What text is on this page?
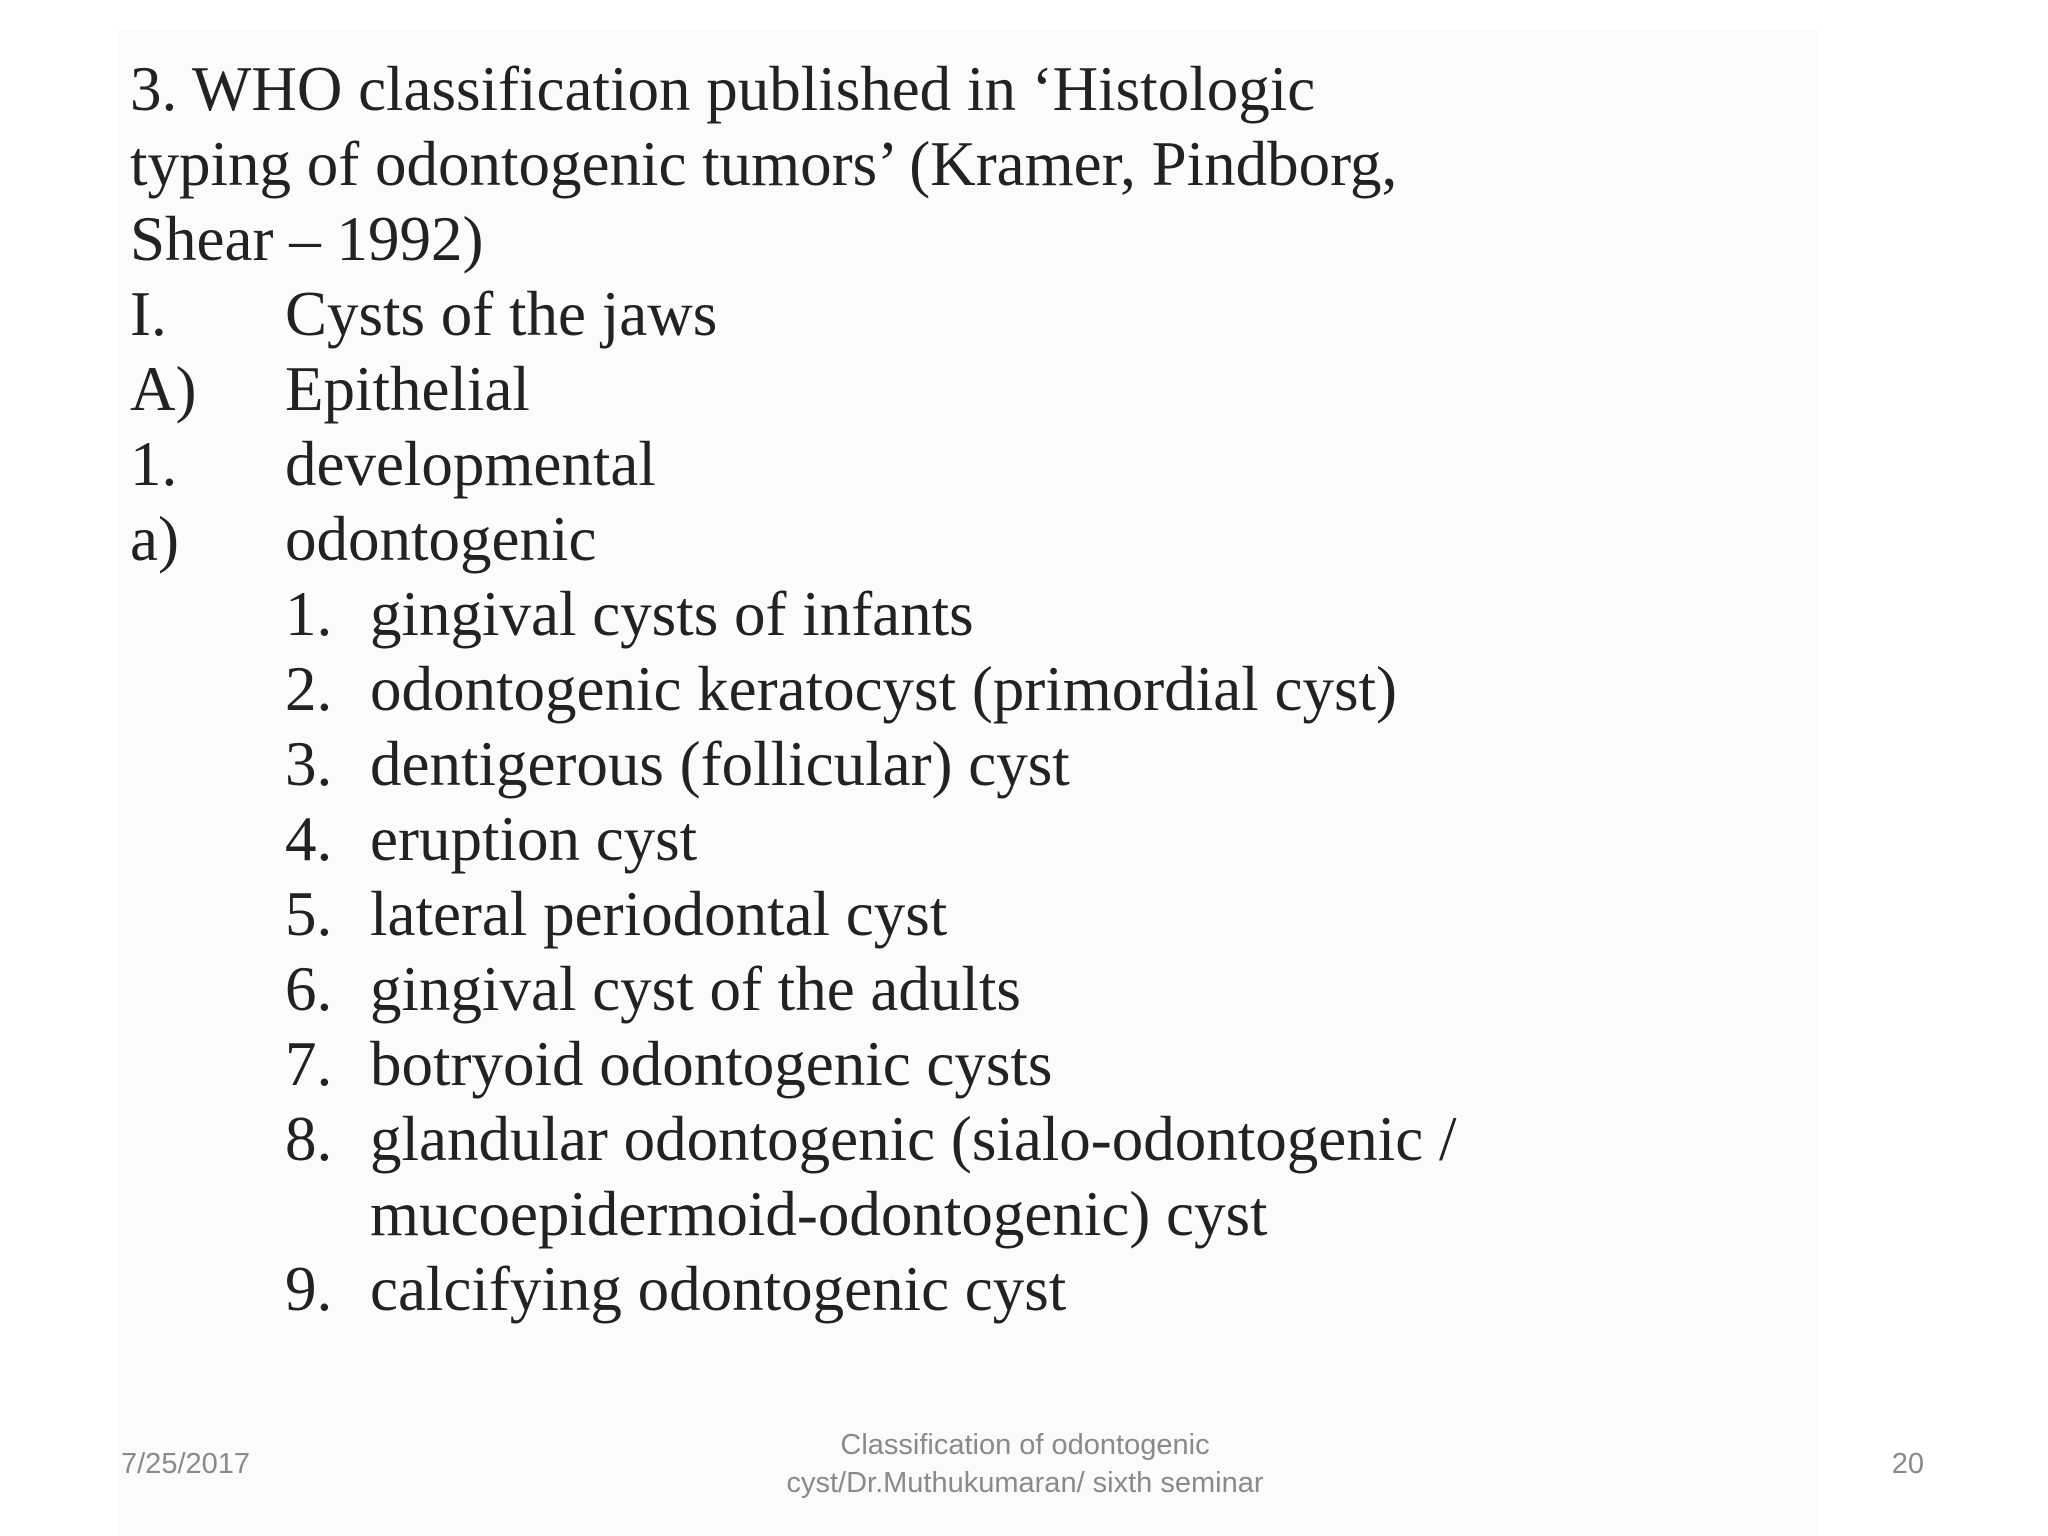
3. WHO classification published in ‘Histologic
typing of odontogenic tumors’ (Kramer, Pindborg,
Shear – 1992)
I.	Cysts of the jaws
A)	Epithelial
1.	developmental
a)	odontogenic
1. gingival cysts of infants
2. odontogenic keratocyst (primordial cyst)
3. dentigerous (follicular) cyst
4. eruption cyst
5. lateral periodontal cyst
6. gingival cyst of the adults
7. botryoid odontogenic cysts
8. glandular odontogenic (sialo-odontogenic /
mucoepidermoid-odontogenic) cyst
9. calcifying odontogenic cyst
7/25/2017
Classification of odontogenic
cyst/Dr.Muthukumaran/ sixth seminar
20
